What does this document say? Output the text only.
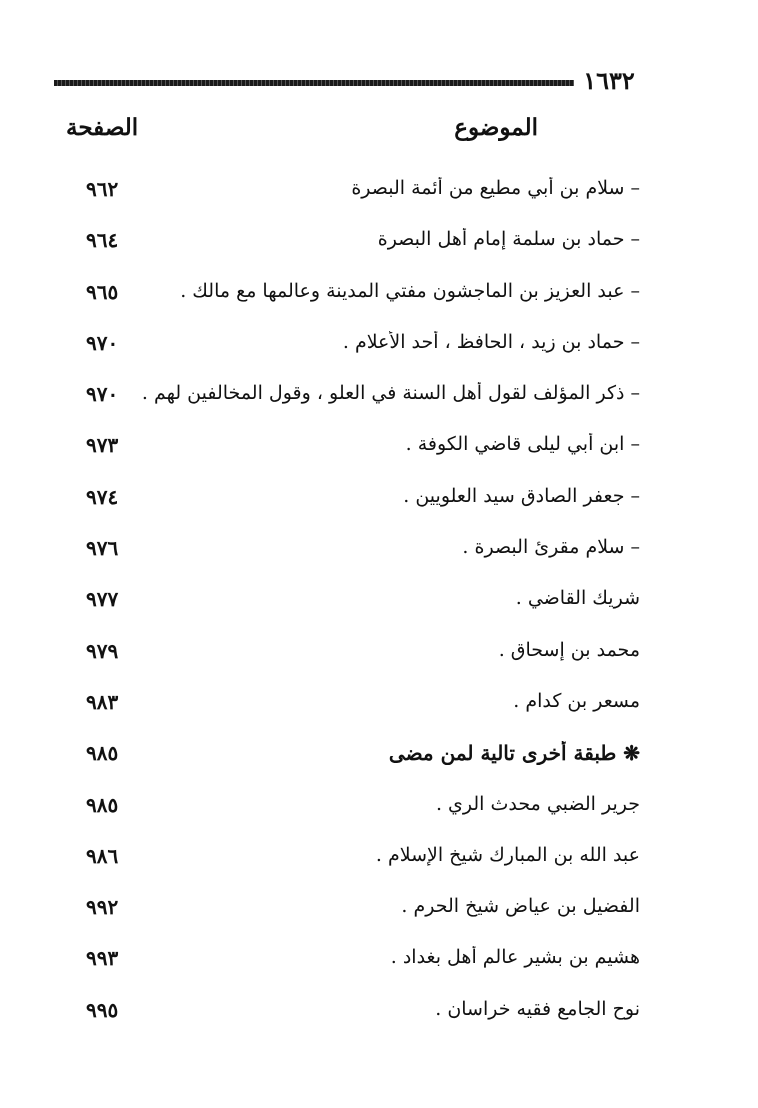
١٦٣٢
الموضوع
الصفحة
– سلام بن أبي مطيع من أئمة البصرة
٩٦٢
– حماد بن سلمة إمام أهل البصرة
٩٦٤
– عبد العزيز بن الماجشون مفتي المدينة وعالمها مع مالك .
٩٦٥
– حماد بن زيد ، الحافظ ، أحد الأعلام .
٩٧٠
– ذكر المؤلف لقول أهل السنة في العلو ، وقول المخالفين لهم .
٩٧٠
– ابن أبي ليلى قاضي الكوفة .
٩٧٣
– جعفر الصادق سيد العلويين .
٩٧٤
– سلام مقرئ البصرة .
٩٧٦
شريك القاضي .
٩٧٧
محمد بن إسحاق .
٩٧٩
مسعر بن كدام .
٩٨٣
❋ طبقة أخرى تالية لمن مضى
٩٨٥
جرير الضبي محدث الري .
٩٨٥
عبد الله بن المبارك شيخ الإسلام .
٩٨٦
الفضيل بن عياض شيخ الحرم .
٩٩٢
هشيم بن بشير عالم أهل بغداد .
٩٩٣
نوح الجامع فقيه خراسان .
٩٩٥
